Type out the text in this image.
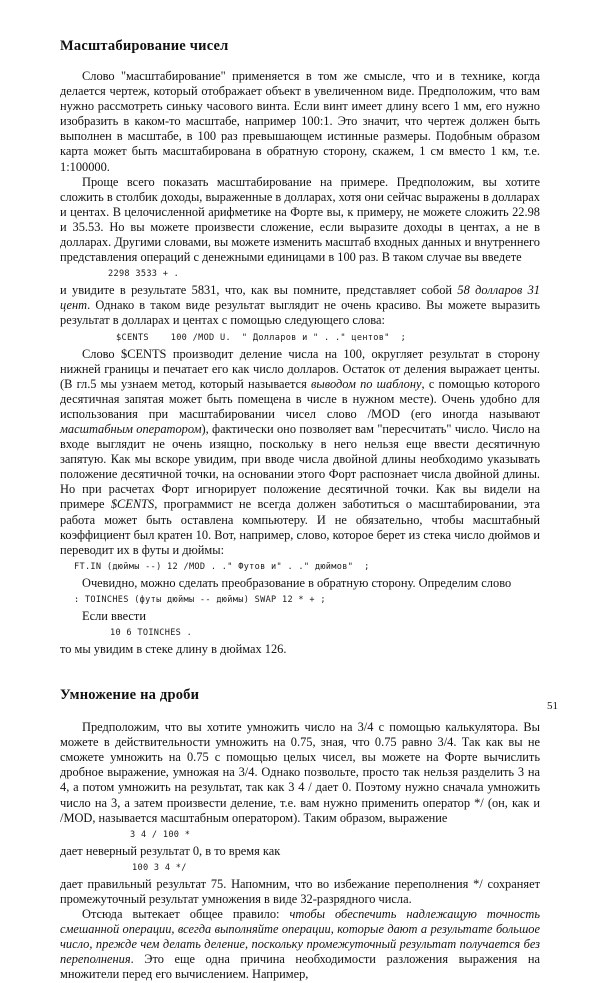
Масштабирование чисел

Слово "масштабирование" применяется в том же смысле, что и в технике, когда делается чертеж, который отображает объект в увеличенном виде. Предположим, что вам нужно рассмотреть синьку часового винта. Если винт имеет длину всего 1 мм, его нужно изобразить в каком-то масштабе, например 100:1. Это значит, что чертеж должен быть выполнен в масштабе, в 100 раз превышающем истинные размеры. Подобным образом карта может быть масштабирована в обратную сторону, скажем, 1 см вместо 1 км, т.е. 1:100000.

Проще всего показать масштабирование на примере. Предположим, вы хотите сложить в столбик доходы, выраженные в долларах, хотя они сейчас выражены в долларах и центах. В целочисленной арифметике на Форте вы, к примеру, не можете сложить 22.98 и 35.53. Но вы можете произвести сложение, если выразите доходы в центах, а не в долларах. Другими словами, вы можете изменить масштаб входных данных и внутреннего представления операций с денежными единицами в 100 раз. В таком случае вы введете

2298 3533 + .

и увидите в результате 5831, что, как вы помните, представляет собой 58 долларов 31 цент. Однако в таком виде результат выглядит не очень красиво. Вы можете выразить результат в долларах и центах с помощью следующего слова:

$CENTS    100 /MOD U.  " Долларов и " . ." центов"  ;

Слово $CENTS производит деление числа на 100, округляет результат в сторону нижней границы и печатает его как число долларов. Остаток от деления выражает центы. (В гл.5 мы узнаем метод, который называется выводом по шаблону, с помощью которого десятичная запятая может быть помещена в числе в нужном месте). Очень удобно для использования при масштабировании чисел слово /MOD (его иногда называют масштабным оператором), фактически оно позволяет вам "пересчитать" число. Число на входе выглядит не очень изящно, поскольку в него нельзя еще ввести десятичную запятую. Как мы вскоре увидим, при вводе числа двойной длины необходимо указывать положение десятичной точки, на основании этого Форт распознает числа двойной длины. Но при расчетах Форт игнорирует положение десятичной точки. Как вы видели на примере $CENTS, программист не всегда должен заботиться о масштабировании, эта работа может быть оставлена компьютеру. И не обязательно, чтобы масштабный коэффициент был кратен 10. Вот, например, слово, которое берет из стека число дюймов и переводит их в футы и дюймы:

FT.IN (дюймы --) 12 /MOD . ." Футов и" . ." дюймов"  ;

Очевидно, можно сделать преобразование в обратную сторону. Определим слово

: TOINCHES (футы дюймы -- дюймы) SWAP 12 * + ;

Если ввести

10 6 TOINCHES .

то мы увидим в стеке длину в дюймах 126.

Умножение на дроби

Предположим, что вы хотите умножить число на 3/4 с помощью калькулятора. Вы можете в действительности умножить на 0.75, зная, что 0.75 равно 3/4. Так как вы не сможете умножить на 0.75 с помощью целых чисел, вы можете на Форте вычислить дробное выражение, умножая на 3/4. Однако позвольте, просто так нельзя разделить 3 на 4, а потом умножить на результат, так как 3 4 / дает 0. Поэтому нужно сначала умножить число на 3, а затем произвести деление, т.е. вам нужно применить оператор */ (он, как и /MOD, называется масштабным оператором). Таким образом, выражение

3 4 / 100 *

дает неверный результат 0, в то время как

100 3 4 */

дает правильный результат 75. Напомним, что во избежание переполнения */ сохраняет промежуточный результат умножения в виде 32-разрядного числа.

Отсюда вытекает общее правило: чтобы обеспечить надлежащую точность смешанной операции, всегда выполняйте операции, которые дают а результате большое число, прежде чем делать деление, поскольку промежуточный результат получается без переполнения. Это еще одна причина необходимости разложения выражения на множители перед его вычислением. Например,

51
